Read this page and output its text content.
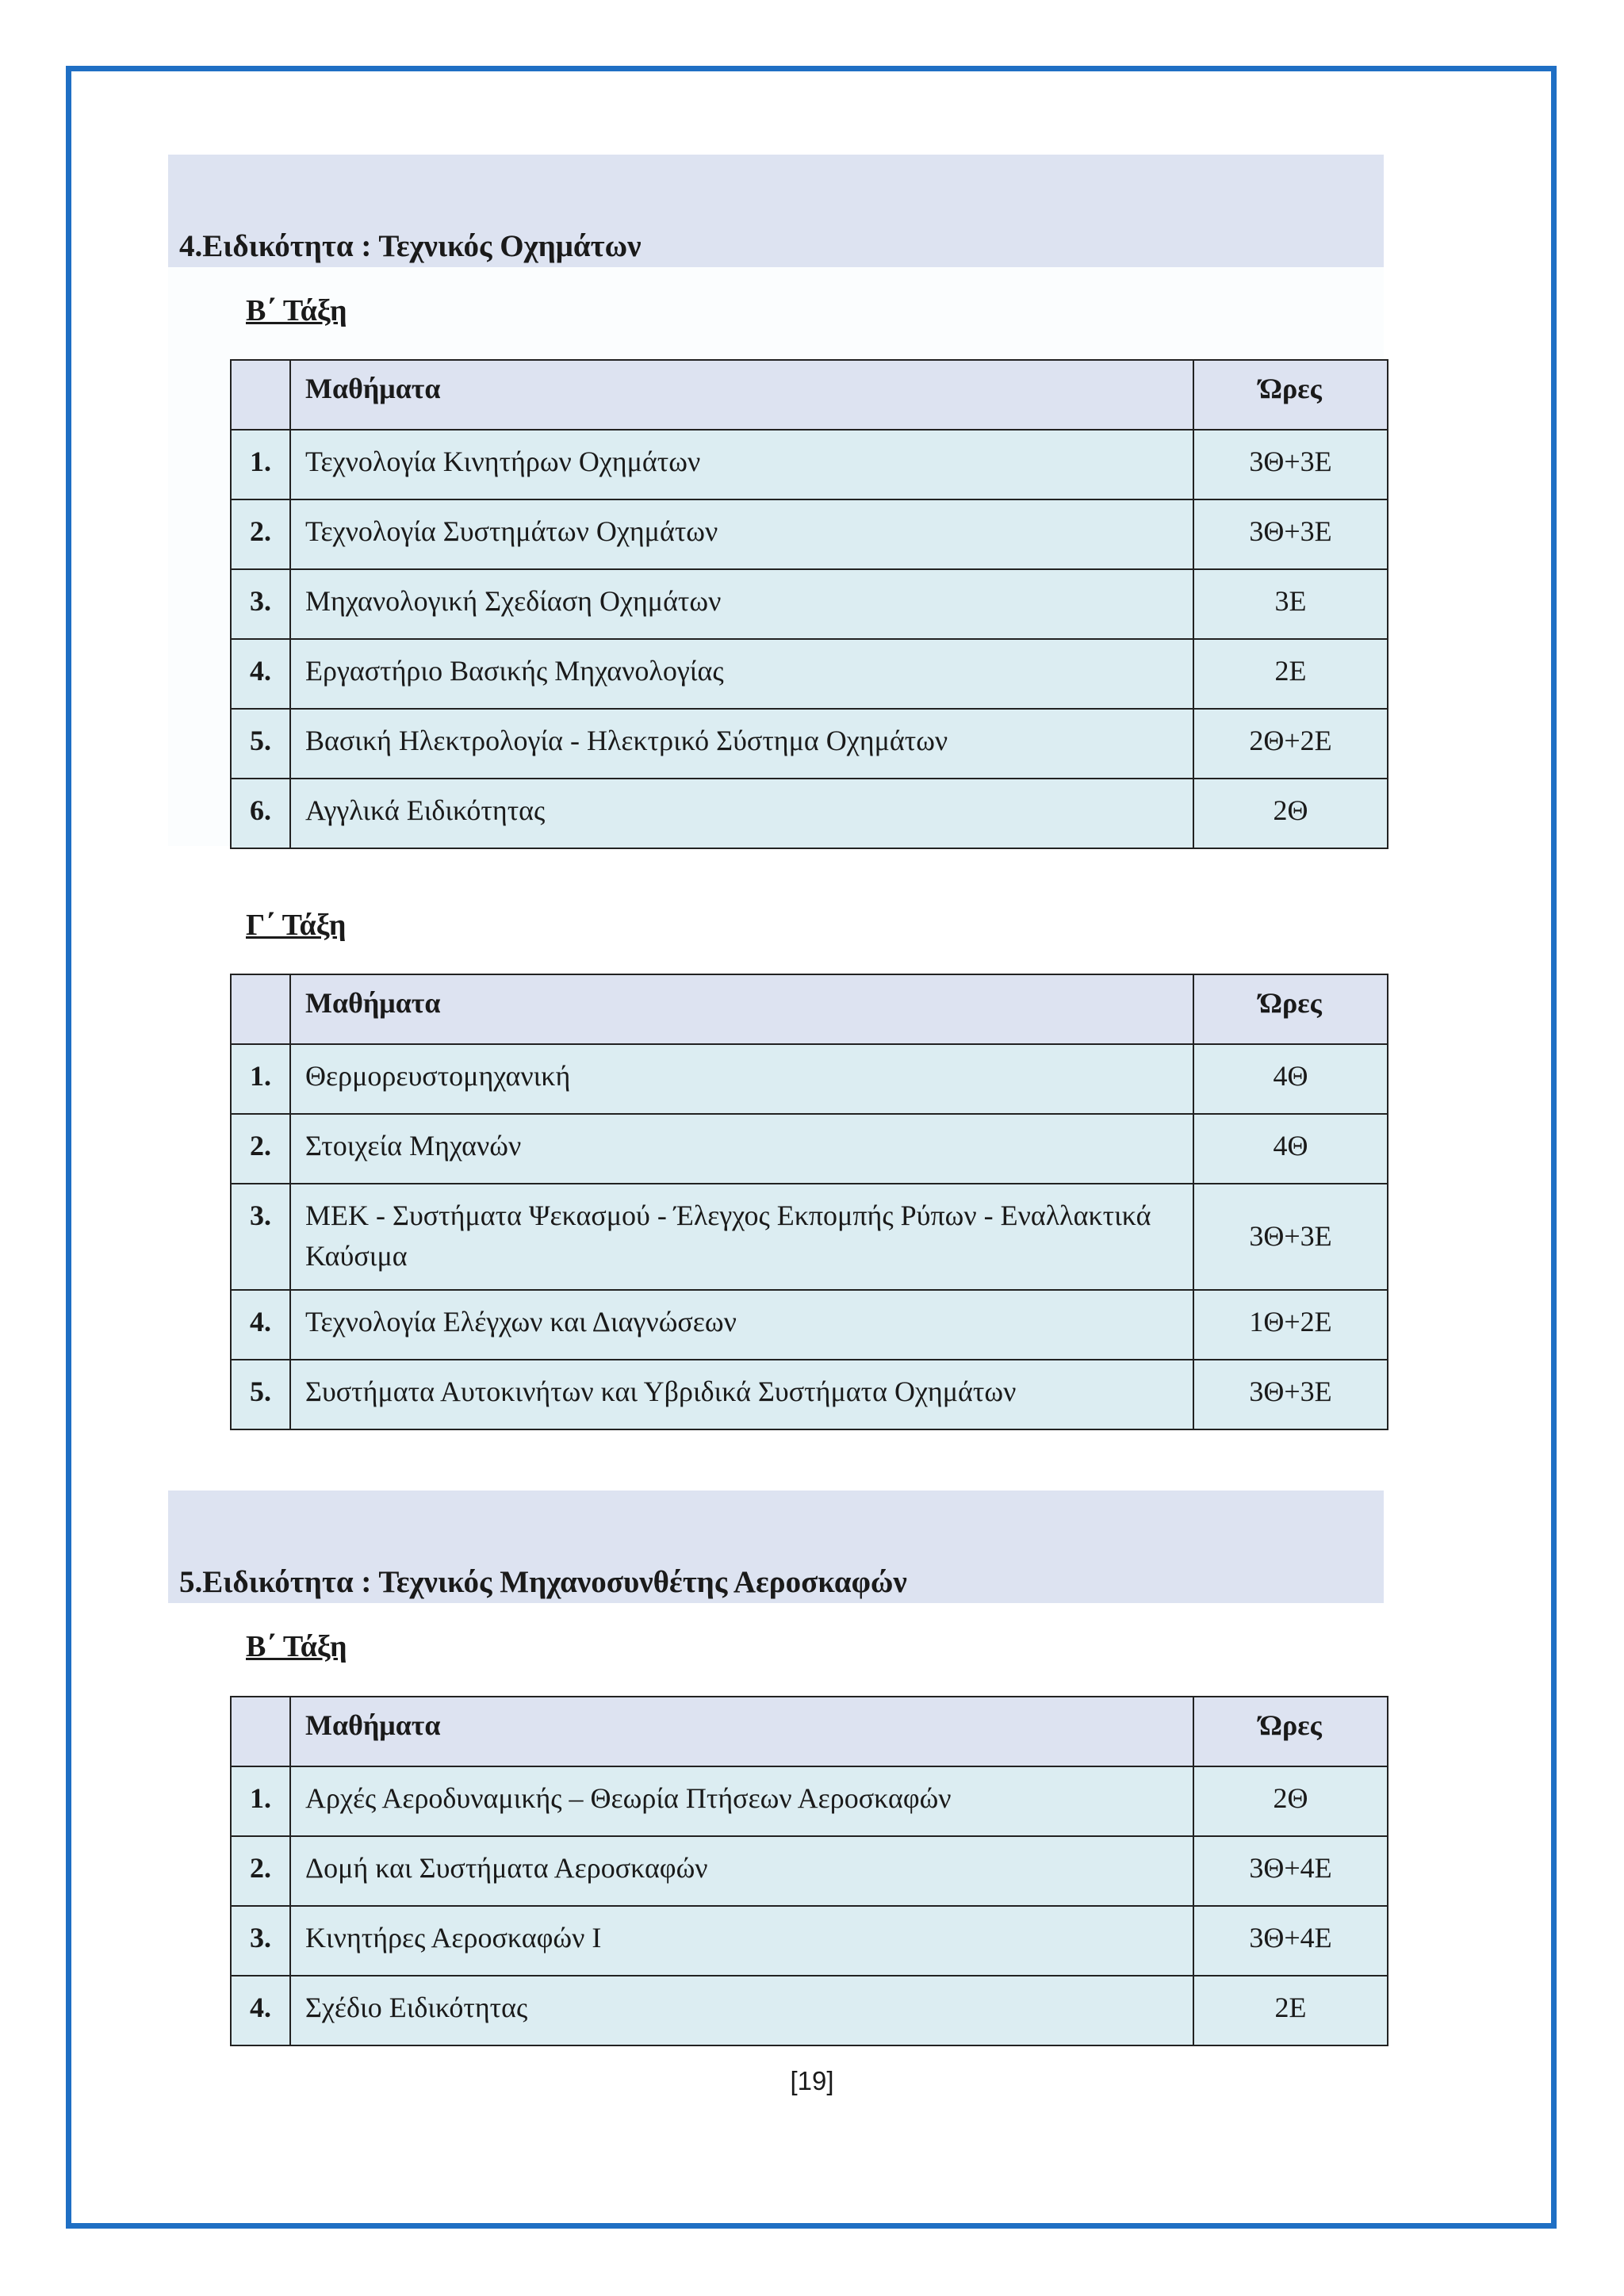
4.Ειδικότητα : Τεχνικός Οχημάτων
Β΄ Τάξη
	Μαθήματα	Ώρες
1.	Τεχνολογία Κινητήρων Οχημάτων	3Θ+3Ε
2.	Τεχνολογία Συστημάτων Οχημάτων	3Θ+3Ε
3.	Μηχανολογική Σχεδίαση Οχημάτων	3Ε
4.	Εργαστήριο Βασικής Μηχανολογίας	2Ε
5.	Βασική Ηλεκτρολογία - Ηλεκτρικό Σύστημα Οχημάτων	2Θ+2Ε
6.	Αγγλικά Ειδικότητας	2Θ
Γ΄ Τάξη
	Μαθήματα	Ώρες
1.	Θερμορευστομηχανική	4Θ
2.	Στοιχεία Μηχανών	4Θ
3.	ΜΕΚ - Συστήματα Ψεκασμού - Έλεγχος Εκπομπής Ρύπων - Εναλλακτικά Καύσιμα	3Θ+3Ε
4.	Τεχνολογία Ελέγχων και Διαγνώσεων	1Θ+2Ε
5.	Συστήματα Αυτοκινήτων και Υβριδικά Συστήματα Οχημάτων	3Θ+3Ε
5.Ειδικότητα : Τεχνικός Μηχανοσυνθέτης Αεροσκαφών
Β΄ Τάξη
	Μαθήματα	Ώρες
1.	Αρχές Αεροδυναμικής – Θεωρία Πτήσεων Αεροσκαφών	2Θ
2.	Δομή και Συστήματα Αεροσκαφών	3Θ+4Ε
3.	Κινητήρες Αεροσκαφών Ι	3Θ+4Ε
4.	Σχέδιο Ειδικότητας	2Ε

[19]
